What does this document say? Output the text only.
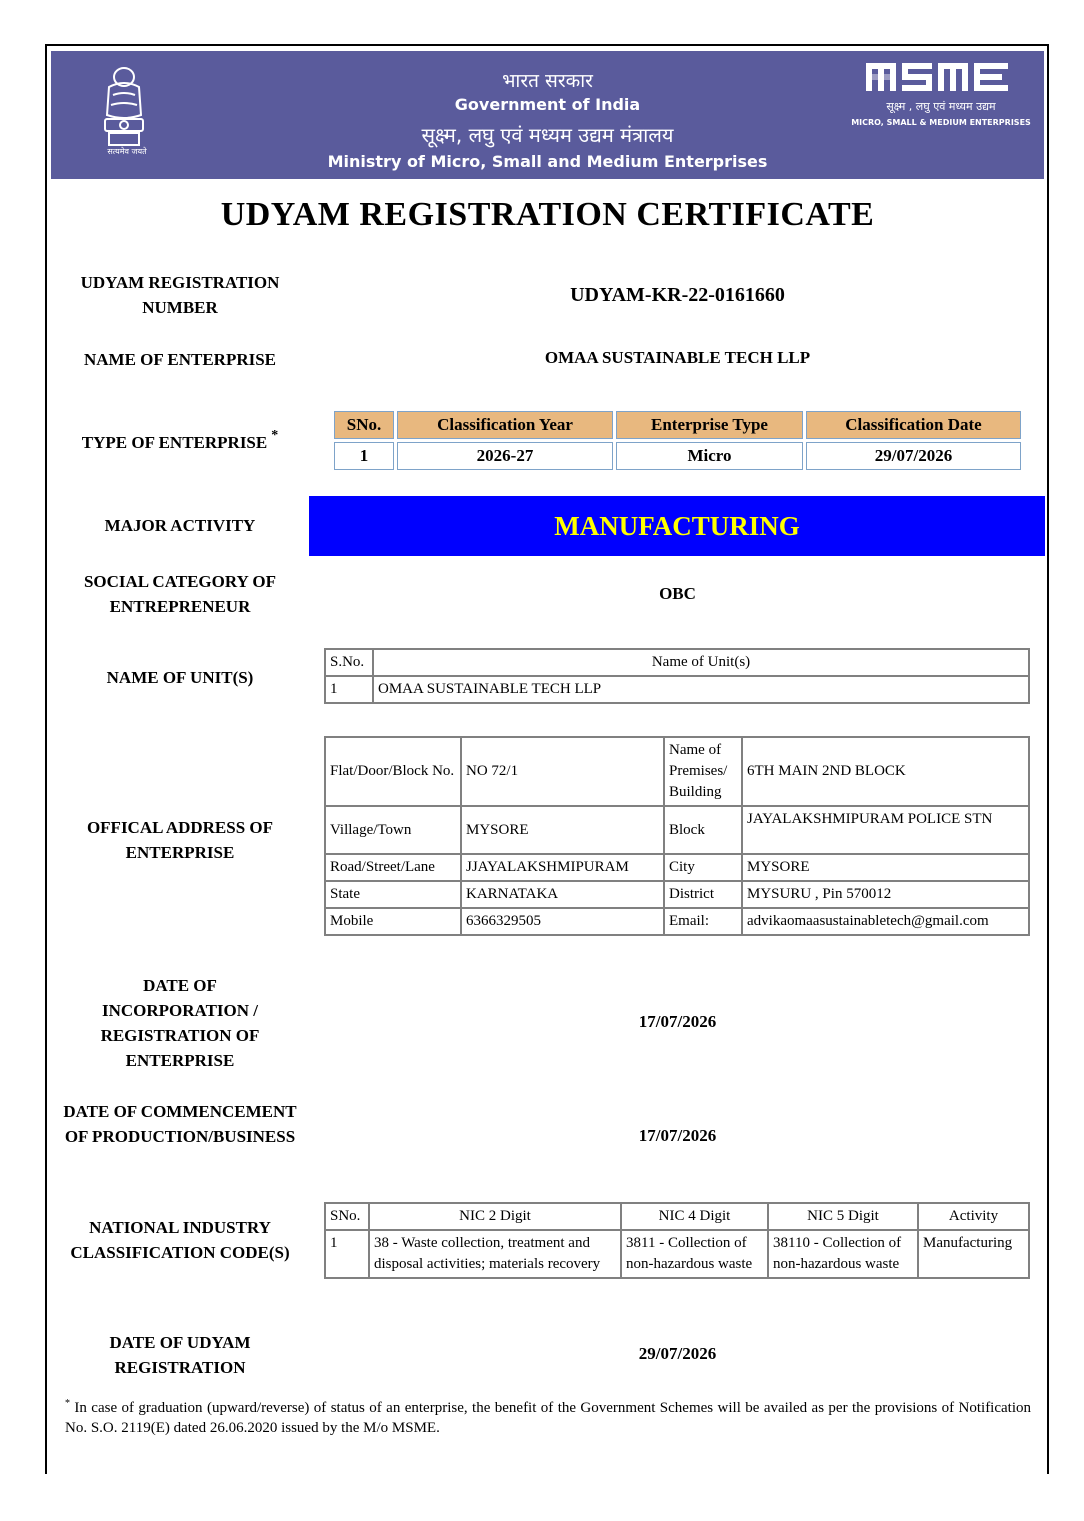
सत्यमेव जयते
भारत सरकार
Government of India
सूक्ष्म, लघु एवं मध्यम उद्यम मंत्रालय
Ministry of Micro, Small and Medium Enterprises
सूक्ष्म , लघु एवं मध्यम उद्यम
MICRO, SMALL & MEDIUM ENTERPRISES
UDYAM REGISTRATION CERTIFICATE
UDYAM REGISTRATION NUMBER
UDYAM-KR-22-0161660
NAME OF ENTERPRISE	OMAA SUSTAINABLE TECH LLP
TYPE OF ENTERPRISE *
SNo.	Classification Year	Enterprise Type	Classification Date
1	2026-27	Micro	29/07/2026
MAJOR ACTIVITY	MANUFACTURING
SOCIAL CATEGORY OF ENTREPRENEUR
OBC
NAME OF UNIT(S)
S.No.	Name of Unit(s)
1	OMAA SUSTAINABLE TECH LLP
OFFICAL ADDRESS OF ENTERPRISE
Flat/Door/Block No.	NO 72/1	Name of Premises/ Building	6TH MAIN 2ND BLOCK
Village/Town	MYSORE	Block	JAYALAKSHMIPURAM POLICE STN
Road/Street/Lane	JJAYALAKSHMIPURAM	City	MYSORE
State	KARNATAKA	District	MYSURU , Pin 570012
Mobile	6366329505	Email:	advikaomaasustainabletech@gmail.com
DATE OF INCORPORATION / REGISTRATION OF ENTERPRISE
17/07/2026
DATE OF COMMENCEMENT OF PRODUCTION/BUSINESS	17/07/2026
NATIONAL INDUSTRY CLASSIFICATION CODE(S)
SNo.	NIC 2 Digit	NIC 4 Digit	NIC 5 Digit	Activity
1	38 - Waste collection, treatment and disposal activities; materials recovery	3811 - Collection of non-hazardous waste	38110 - Collection of non-hazardous waste	Manufacturing
DATE OF UDYAM REGISTRATION
29/07/2026
* In case of graduation (upward/reverse) of status of an enterprise, the benefit of the Government Schemes will be availed as per the provisions of Notification No. S.O. 2119(E) dated 26.06.2020 issued by the M/o MSME.
